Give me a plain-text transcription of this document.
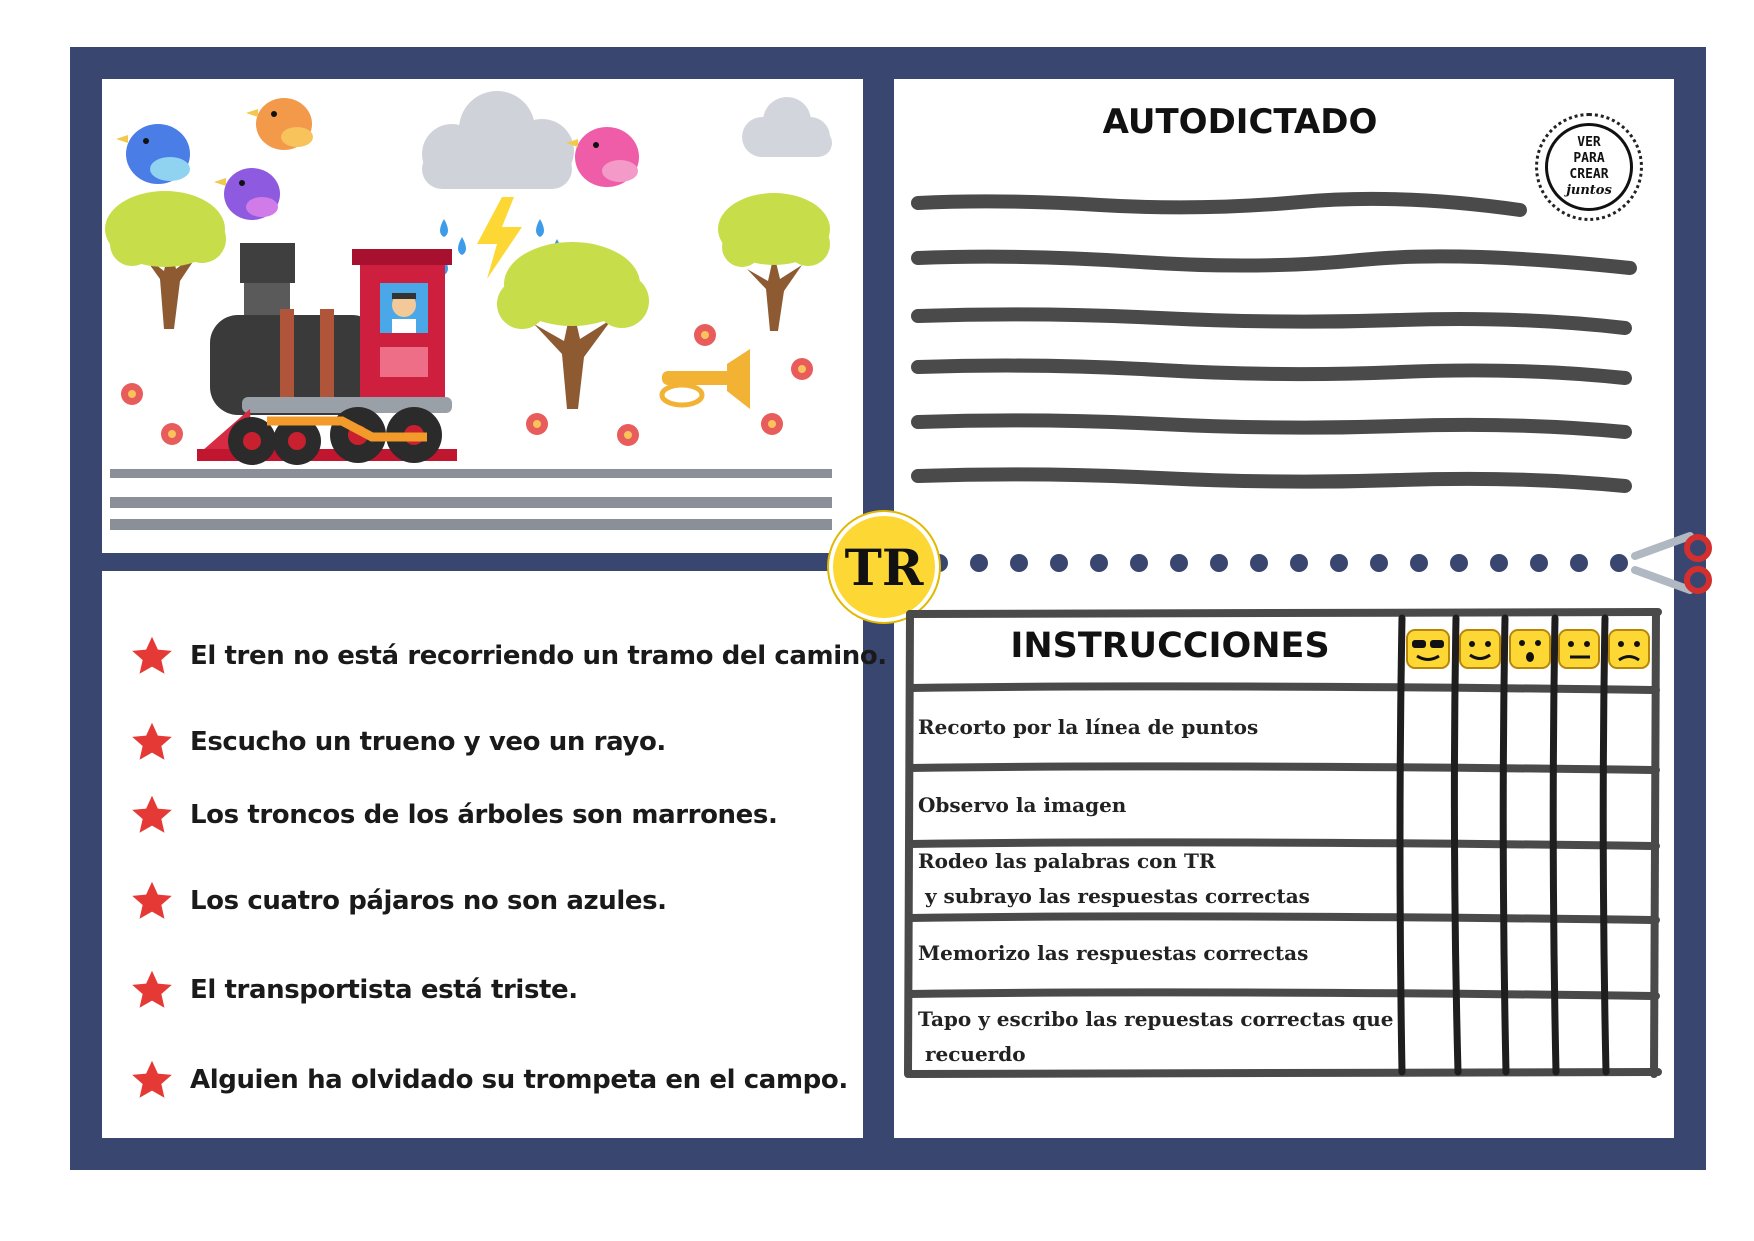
El tren no está recorriendo un tramo del camino.
Escucho un trueno y veo un rayo.
Los troncos de los árboles son marrones.
Los cuatro pájaros no son azules.
El transportista está triste.
Alguien ha olvidado su trompeta en el campo.
AUTODICTADO
VER
PARA
CREAR
juntos
TR
INSTRUCCIONES
Recorto por la línea de puntos
Observo la imagen
Rodeo las palabras con TR
y subrayo las respuestas correctas
Memorizo las respuestas correctas
Tapo y escribo las repuestas correctas que
recuerdo
